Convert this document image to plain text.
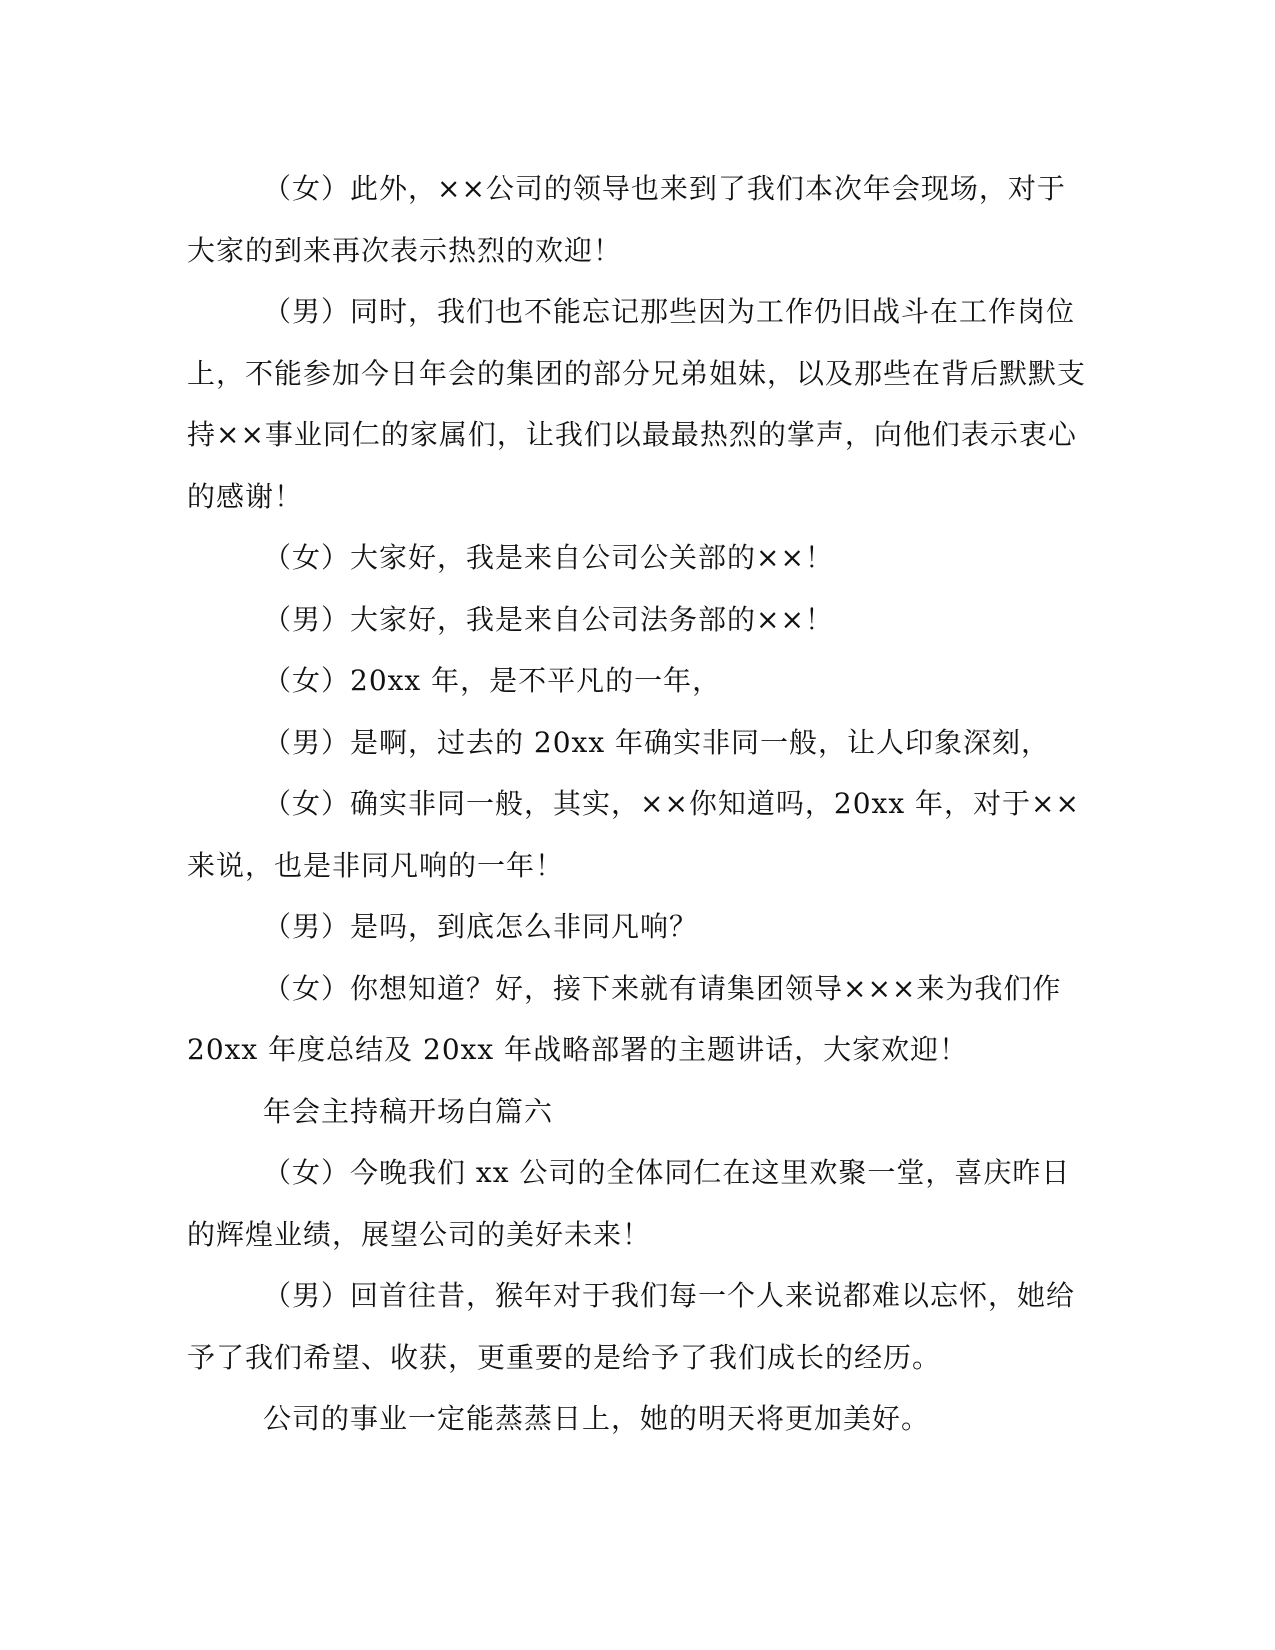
（女）此外，××公司的领导也来到了我们本次年会现场，对于大家的到来再次表示热烈的欢迎！

（男）同时，我们也不能忘记那些因为工作仍旧战斗在工作岗位上，不能参加今日年会的集团的部分兄弟姐妹，以及那些在背后默默支持××事业同仁的家属们，让我们以最最热烈的掌声，向他们表示衷心的感谢！

（女）大家好，我是来自公司公关部的××！

（男）大家好，我是来自公司法务部的××！

（女）20xx 年，是不平凡的一年，

（男）是啊，过去的 20xx 年确实非同一般，让人印象深刻，

（女）确实非同一般，其实，××你知道吗，20xx 年，对于××来说，也是非同凡响的一年！

（男）是吗，到底怎么非同凡响？

（女）你想知道？好，接下来就有请集团领导×××来为我们作 20xx 年度总结及 20xx 年战略部署的主题讲话，大家欢迎！

年会主持稿开场白篇六

（女）今晚我们 xx 公司的全体同仁在这里欢聚一堂，喜庆昨日的辉煌业绩，展望公司的美好未来！

（男）回首往昔，猴年对于我们每一个人来说都难以忘怀，她给予了我们希望、收获，更重要的是给予了我们成长的经历。

公司的事业一定能蒸蒸日上，她的明天将更加美好。
